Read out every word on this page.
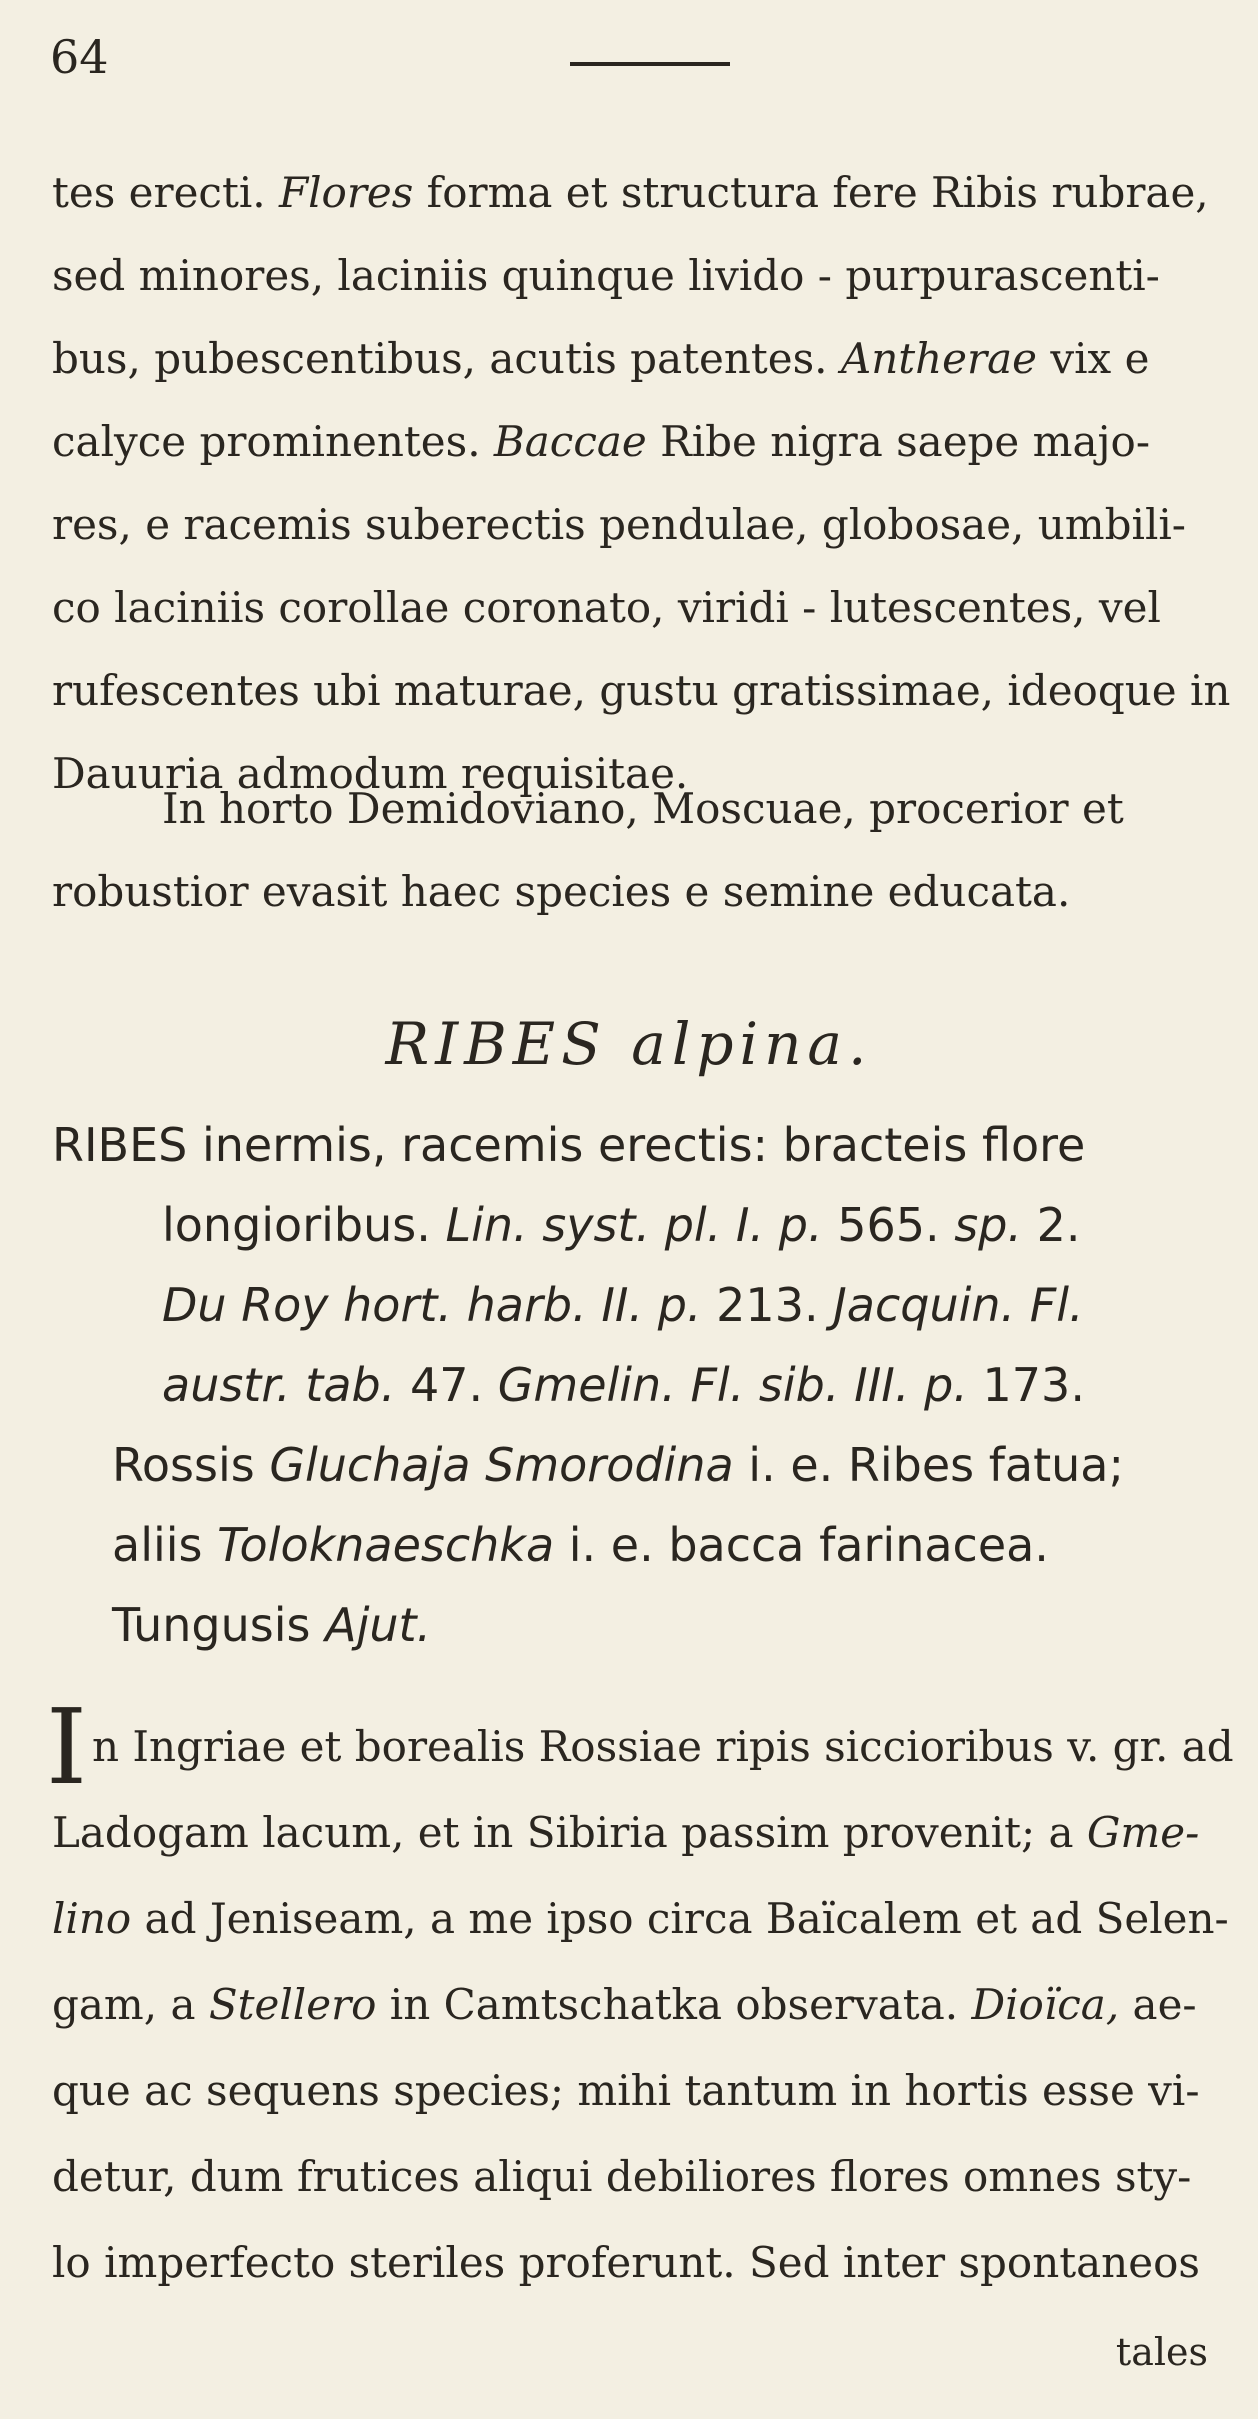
64
tes erecti. Flores forma et structura fere Ribis rubrae,
sed minores, laciniis quinque livido - purpurascenti-
bus, pubescentibus, acutis patentes. Antherae vix e
calyce prominentes. Baccae Ribe nigra saepe majo-
res, e racemis suberectis pendulae, globosae, umbili-
co laciniis corollae coronato, viridi - lutescentes, vel
rufescentes ubi maturae, gustu gratissimae, ideoque in
Dauuria admodum requisitae.
In horto Demidoviano, Moscuae, procerior et
robustior evasit haec species e semine educata.
RIBES alpina.
RIBES inermis, racemis erectis: bracteis flore
longioribus. Lin. syst. pl. I. p. 565. sp. 2.
Du Roy hort. harb. II. p. 213. Jacquin. Fl.
austr. tab. 47. Gmelin. Fl. sib. III. p. 173.
Rossis Gluchaja Smorodina i. e. Ribes fatua;
aliis Toloknaeschka i. e. bacca farinacea.
Tungusis Ajut.
I n Ingriae et borealis Rossiae ripis siccioribus v. gr. ad
Ladogam lacum, et in Sibiria passim provenit; a Gme-
lino ad Jeniseam, a me ipso circa Baïcalem et ad Selen-
gam, a Stellero in Camtschatka observata. Dioïca, ae-
que ac sequens species; mihi tantum in hortis esse vi-
detur, dum frutices aliqui debiliores flores omnes sty-
lo imperfecto steriles proferunt. Sed inter spontaneos
tales
